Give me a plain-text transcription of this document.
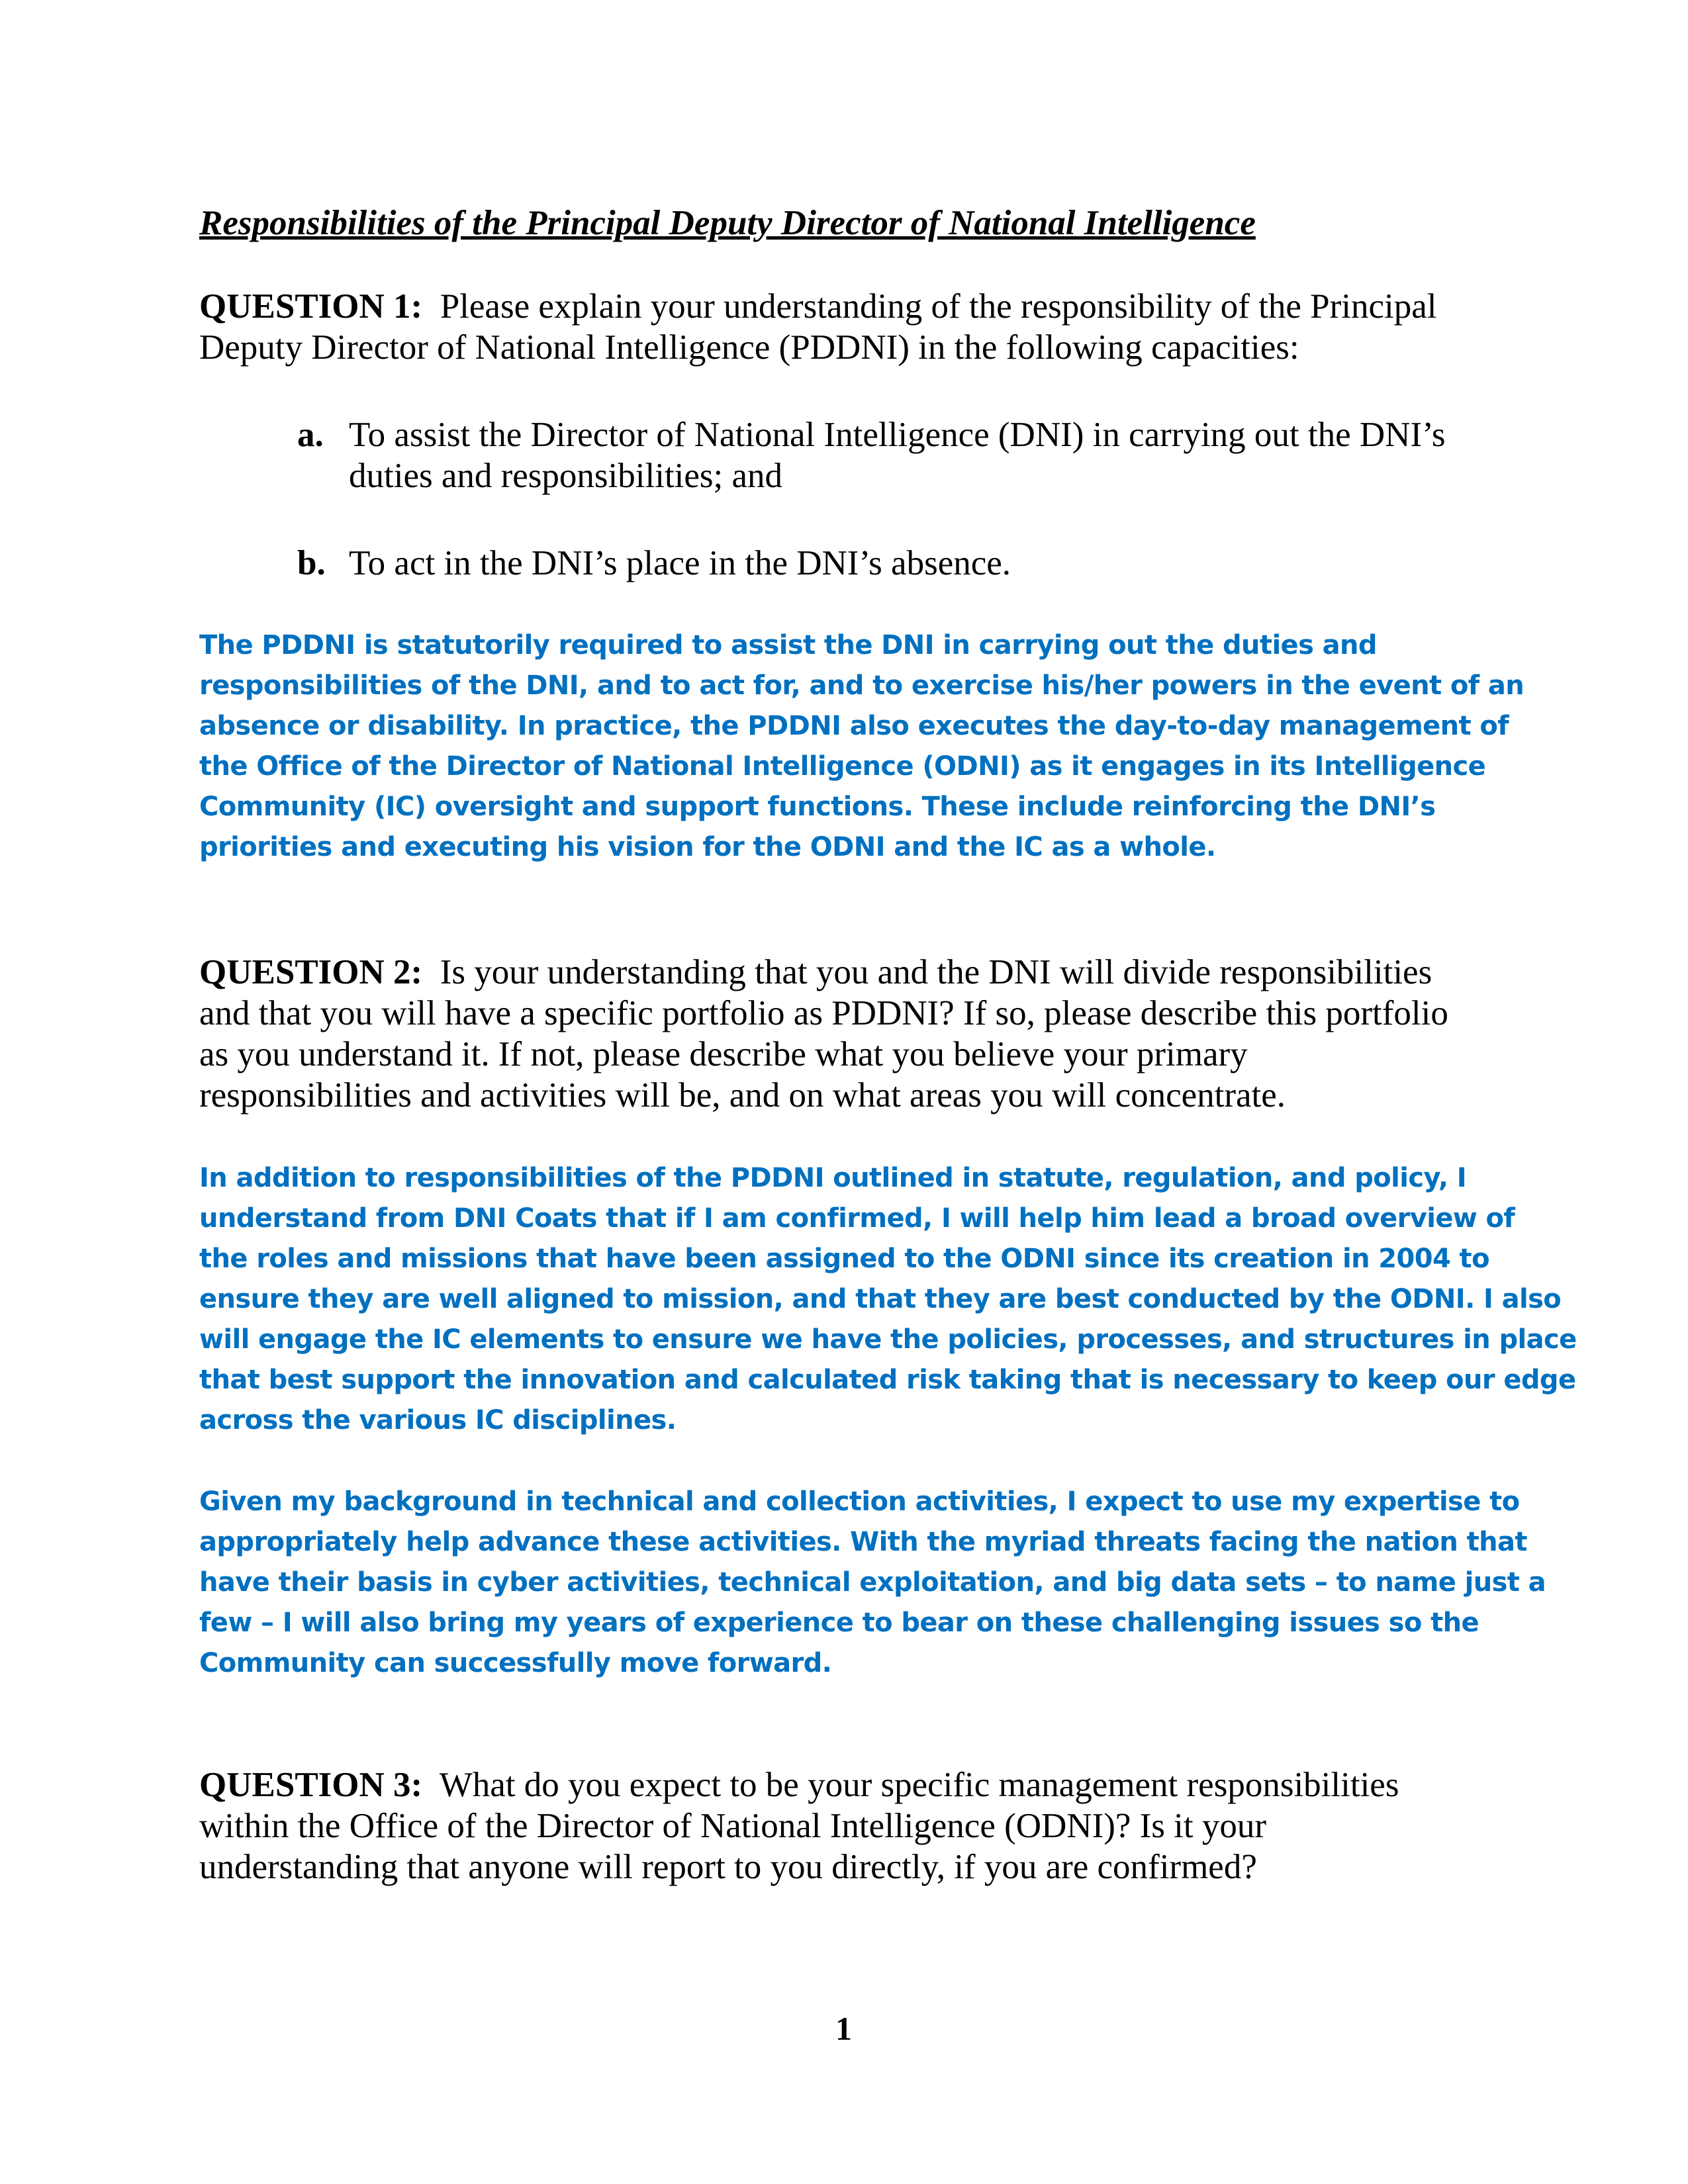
Responsibilities of the Principal Deputy Director of National Intelligence
QUESTION 1: Please explain your understanding of the responsibility of the Principal
Deputy Director of National Intelligence (PDDNI) in the following capacities:
a. To assist the Director of National Intelligence (DNI) in carrying out the DNI’s
duties and responsibilities; and
b. To act in the DNI’s place in the DNI’s absence.
The PDDNI is statutorily required to assist the DNI in carrying out the duties and
responsibilities of the DNI, and to act for, and to exercise his/her powers in the event of an
absence or disability. In practice, the PDDNI also executes the day-to-day management of
the Office of the Director of National Intelligence (ODNI) as it engages in its Intelligence
Community (IC) oversight and support functions. These include reinforcing the DNI’s
priorities and executing his vision for the ODNI and the IC as a whole.
QUESTION 2: Is your understanding that you and the DNI will divide responsibilities
and that you will have a specific portfolio as PDDNI? If so, please describe this portfolio
as you understand it. If not, please describe what you believe your primary
responsibilities and activities will be, and on what areas you will concentrate.
In addition to responsibilities of the PDDNI outlined in statute, regulation, and policy, I
understand from DNI Coats that if I am confirmed, I will help him lead a broad overview of
the roles and missions that have been assigned to the ODNI since its creation in 2004 to
ensure they are well aligned to mission, and that they are best conducted by the ODNI. I also
will engage the IC elements to ensure we have the policies, processes, and structures in place
that best support the innovation and calculated risk taking that is necessary to keep our edge
across the various IC disciplines.
Given my background in technical and collection activities, I expect to use my expertise to
appropriately help advance these activities. With the myriad threats facing the nation that
have their basis in cyber activities, technical exploitation, and big data sets – to name just a
few – I will also bring my years of experience to bear on these challenging issues so the
Community can successfully move forward.
QUESTION 3: What do you expect to be your specific management responsibilities
within the Office of the Director of National Intelligence (ODNI)? Is it your
understanding that anyone will report to you directly, if you are confirmed?
1
